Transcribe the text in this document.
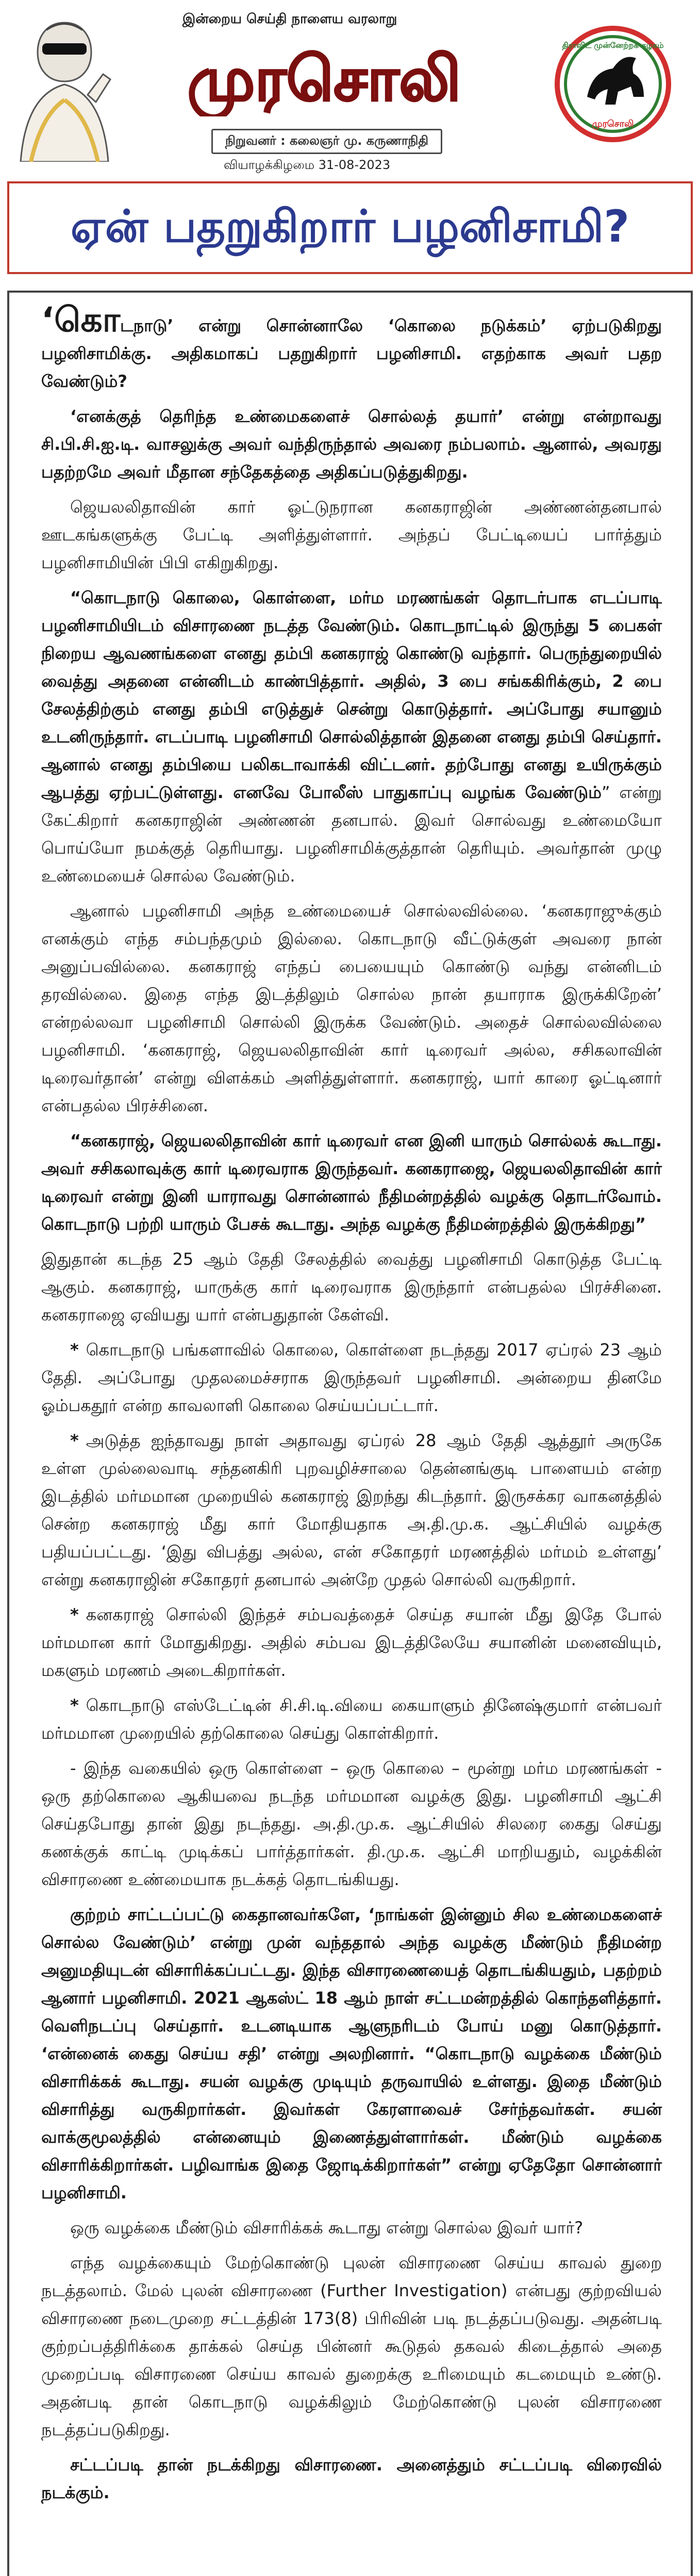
இன்றைய செய்தி நாளைய வரலாறு
முரசொலி
நிறுவனர் : கலைஞர் மு. கருணாநிதி
திராவிட முன்னேற்றக் கழகம்
முரசொலி
வியாழக்கிழமை 31-08-2023
ஏன் பதறுகிறார் பழனிசாமி?

‘கொடநாடு’ என்று சொன்னாலே ‘கொலை நடுக்கம்’ ஏற்படுகிறது பழனிசாமிக்கு. அதிகமாகப் பதறுகிறார் பழனிசாமி. எதற்காக அவர் பதற வேண்டும்?

‘எனக்குத் தெரிந்த உண்மைகளைச் சொல்லத் தயார்’ என்று என்றாவது சி.பி.சி.ஐ.டி. வாசலுக்கு அவர் வந்திருந்தால் அவரை நம்பலாம். ஆனால், அவரது பதற்றமே அவர் மீதான சந்தேகத்தை அதிகப்படுத்துகிறது.

ஜெயலலிதாவின் கார் ஓட்டுநரான கனகராஜின் அண்ணன்தனபால் ஊடகங்களுக்கு பேட்டி அளித்துள்ளார். அந்தப் பேட்டியைப் பார்த்தும் பழனிசாமியின் பிபி எகிறுகிறது.

“கொடநாடு கொலை, கொள்ளை, மர்ம மரணங்கள் தொடர்பாக எடப்பாடி பழனிசாமியிடம் விசாரணை நடத்த வேண்டும். கொடநாட்டில் இருந்து 5 பைகள் நிறைய ஆவணங்களை எனது தம்பி கனகராஜ் கொண்டு வந்தார். பெருந்துறையில் வைத்து அதனை என்னிடம் காண்பித்தார். அதில், 3 பை சங்ககிரிக்கும், 2 பை சேலத்திற்கும் எனது தம்பி எடுத்துச் சென்று கொடுத்தார். அப்போது சயானும் உடனிருந்தார். எடப்பாடி பழனிசாமி சொல்லித்தான் இதனை எனது தம்பி செய்தார். ஆனால் எனது தம்பியை பலிகடாவாக்கி விட்டனர். தற்போது எனது உயிருக்கும் ஆபத்து ஏற்பட்டுள்ளது. எனவே போலீஸ் பாதுகாப்பு வழங்க வேண்டும்” என்று கேட்கிறார் கனகராஜின் அண்ணன் தனபால். இவர் சொல்வது உண்மையோ பொய்யோ நமக்குத் தெரியாது. பழனிசாமிக்குத்தான் தெரியும். அவர்தான் முழு உண்மையைச் சொல்ல வேண்டும்.

ஆனால் பழனிசாமி அந்த உண்மையைச் சொல்லவில்லை. ‘கனகராஜுக்கும் எனக்கும் எந்த சம்பந்தமும் இல்லை. கொடநாடு வீட்டுக்குள் அவரை நான் அனுப்பவில்லை. கனகராஜ் எந்தப் பையையும் கொண்டு வந்து என்னிடம் தரவில்லை. இதை எந்த இடத்திலும் சொல்ல நான் தயாராக இருக்கிறேன்’ என்றல்லவா பழனிசாமி சொல்லி இருக்க வேண்டும். அதைச் சொல்லவில்லை பழனிசாமி. ‘கனகராஜ், ஜெயலலிதாவின் கார் டிரைவர் அல்ல, சசிகலாவின் டிரைவர்தான்’ என்று விளக்கம் அளித்துள்ளார். கனகராஜ், யார் காரை ஓட்டினார் என்பதல்ல பிரச்சினை.

“கனகராஜ், ஜெயலலிதாவின் கார் டிரைவர் என இனி யாரும் சொல்லக் கூடாது. அவர் சசிகலாவுக்கு கார் டிரைவராக இருந்தவர். கனகராஜை, ஜெயலலிதாவின் கார் டிரைவர் என்று இனி யாராவது சொன்னால் நீதிமன்றத்தில் வழக்கு தொடர்வோம். கொடநாடு பற்றி யாரும் பேசக் கூடாது. அந்த வழக்கு நீதிமன்றத்தில் இருக்கிறது”

இதுதான் கடந்த 25 ஆம் தேதி சேலத்தில் வைத்து பழனிசாமி கொடுத்த பேட்டி ஆகும். கனகராஜ், யாருக்கு கார் டிரைவராக இருந்தார் என்பதல்ல பிரச்சினை. கனகராஜை ஏவியது யார் என்பதுதான் கேள்வி.

* கொடநாடு பங்களாவில் கொலை, கொள்ளை நடந்தது 2017 ஏப்ரல் 23 ஆம் தேதி. அப்போது முதலமைச்சராக இருந்தவர் பழனிசாமி. அன்றைய தினமே ஓம்பகதூர் என்ற காவலாளி கொலை செய்யப்பட்டார்.

* அடுத்த ஐந்தாவது நாள் அதாவது ஏப்ரல் 28 ஆம் தேதி ஆத்தூர் அருகே உள்ள முல்லைவாடி சந்தனகிரி புறவழிச்சாலை தென்னங்குடி பாளையம் என்ற இடத்தில் மர்மமான முறையில் கனகராஜ் இறந்து கிடந்தார். இருசக்கர வாகனத்தில் சென்ற கனகராஜ் மீது கார் மோதியதாக அ.தி.மு.க. ஆட்சியில் வழக்கு பதியப்பட்டது. ‘இது விபத்து அல்ல, என் சகோதரர் மரணத்தில் மர்மம் உள்ளது’ என்று கனகராஜின் சகோதரர் தனபால் அன்றே முதல் சொல்லி வருகிறார்.

* கனகராஜ் சொல்லி இந்தச் சம்பவத்தைச் செய்த சயான் மீது இதே போல் மர்மமான கார் மோதுகிறது. அதில் சம்பவ இடத்திலேயே சயானின் மனைவியும், மகளும் மரணம் அடைகிறார்கள்.

* கொடநாடு எஸ்டேட்டின் சி.சி.டி.வியை கையாளும் தினேஷ்குமார் என்பவர் மர்மமான முறையில் தற்கொலை செய்து கொள்கிறார்.

- இந்த வகையில் ஒரு கொள்ளை – ஒரு கொலை – மூன்று மர்ம மரணங்கள் - ஒரு தற்கொலை ஆகியவை நடந்த மர்மமான வழக்கு இது. பழனிசாமி ஆட்சி செய்தபோது தான் இது நடந்தது. அ.தி.மு.க. ஆட்சியில் சிலரை கைது செய்து கணக்குக் காட்டி முடிக்கப் பார்த்தார்கள். தி.மு.க. ஆட்சி மாறியதும், வழக்கின் விசாரணை உண்மையாக நடக்கத் தொடங்கியது.

குற்றம் சாட்டப்பட்டு கைதானவர்களே, ‘நாங்கள் இன்னும் சில உண்மைகளைச் சொல்ல வேண்டும்’ என்று முன் வந்ததால் அந்த வழக்கு மீண்டும் நீதிமன்ற அனுமதியுடன் விசாரிக்கப்பட்டது. இந்த விசாரணையைத் தொடங்கியதும், பதற்றம் ஆனார் பழனிசாமி. 2021 ஆகஸ்ட் 18 ஆம் நாள் சட்டமன்றத்தில் கொந்தளித்தார். வெளிநடப்பு செய்தார். உடனடியாக ஆளுநரிடம் போய் மனு கொடுத்தார். ‘என்னைக் கைது செய்ய சதி’ என்று அலறினார். “கொடநாடு வழக்கை மீண்டும் விசாரிக்கக் கூடாது. சயன் வழக்கு முடியும் தருவாயில் உள்ளது. இதை மீண்டும் விசாரித்து வருகிறார்கள். இவர்கள் கேரளாவைச் சேர்ந்தவர்கள். சயன் வாக்குமூலத்தில் என்னையும் இணைத்துள்ளார்கள். மீண்டும் வழக்கை விசாரிக்கிறார்கள். பழிவாங்க இதை ஜோடிக்கிறார்கள்” என்று ஏதேதோ சொன்னார் பழனிசாமி.

ஒரு வழக்கை மீண்டும் விசாரிக்கக் கூடாது என்று சொல்ல இவர் யார்?

எந்த வழக்கையும் மேற்கொண்டு புலன் விசாரணை செய்ய காவல் துறை நடத்தலாம். மேல் புலன் விசாரணை (Further Investigation) என்பது குற்றவியல் விசாரணை நடைமுறை சட்டத்தின் 173(8) பிரிவின் படி நடத்தப்படுவது. அதன்படி குற்றப்பத்திரிக்கை தாக்கல் செய்த பின்னர் கூடுதல் தகவல் கிடைத்தால் அதை முறைப்படி விசாரணை செய்ய காவல் துறைக்கு உரிமையும் கடமையும் உண்டு. அதன்படி தான் கொடநாடு வழக்கிலும் மேற்கொண்டு புலன் விசாரணை நடத்தப்படுகிறது.

சட்டப்படி தான் நடக்கிறது விசாரணை. அனைத்தும் சட்டப்படி விரைவில் நடக்கும்.
